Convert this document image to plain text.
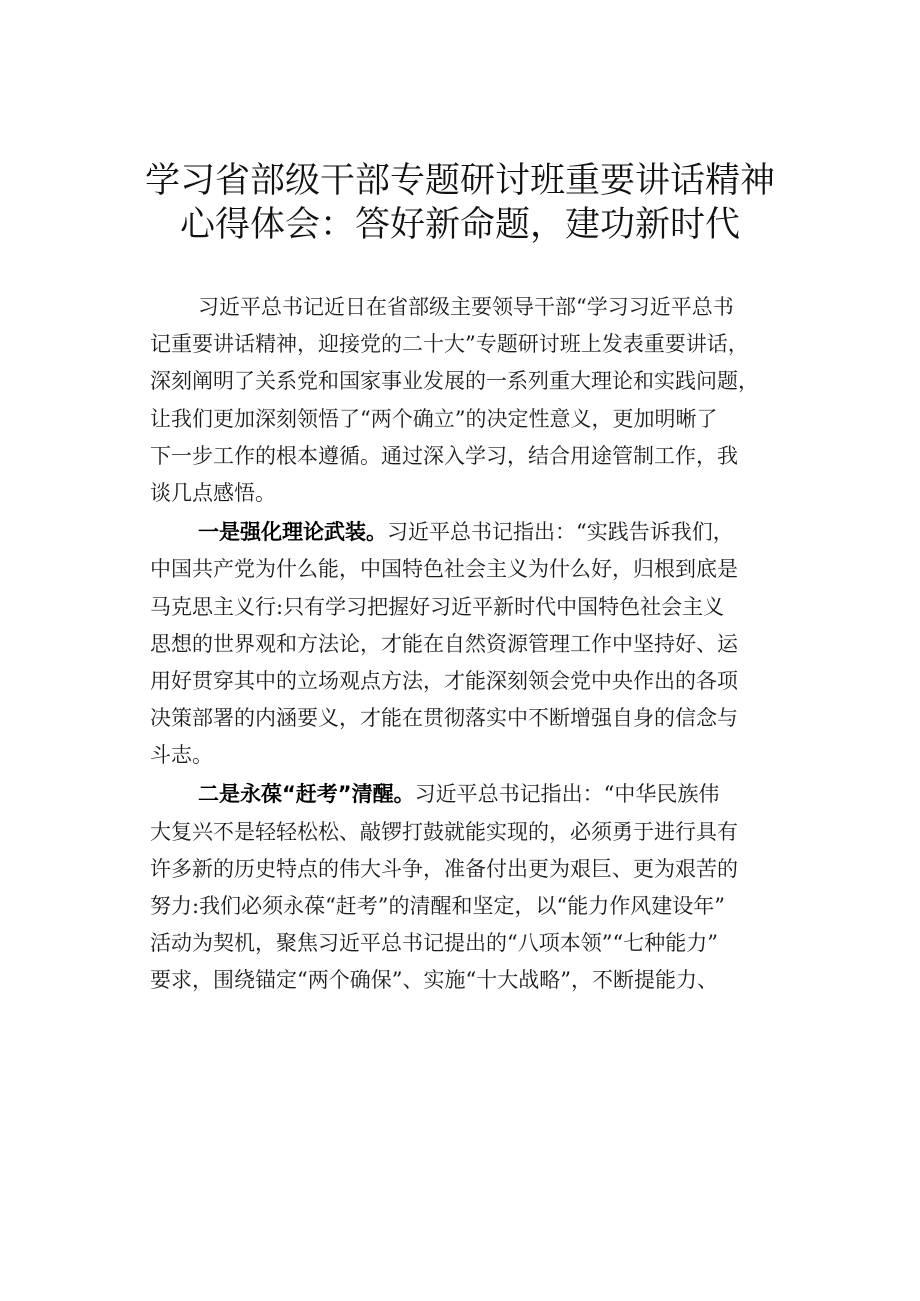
学习省部级干部专题研讨班重要讲话精神
心得体会：答好新命题，建功新时代
习近平总书记近日在省部级主要领导干部“学习习近平总书
记重要讲话精神，迎接党的二十大”专题研讨班上发表重要讲话，
深刻阐明了关系党和国家事业发展的一系列重大理论和实践问题，
让我们更加深刻领悟了“两个确立”的决定性意义，更加明晰了
下一步工作的根本遵循。通过深入学习，结合用途管制工作，我
谈几点感悟。
一是强化理论武装。习近平总书记指出：“实践告诉我们，
中国共产党为什么能，中国特色社会主义为什么好，归根到底是
马克思主义行:只有学习把握好习近平新时代中国特色社会主义
思想的世界观和方法论，才能在自然资源管理工作中坚持好、运
用好贯穿其中的立场观点方法，才能深刻领会党中央作出的各项
决策部署的内涵要义，才能在贯彻落实中不断增强自身的信念与
斗志。
二是永葆“赶考”清醒。习近平总书记指出：“中华民族伟
大复兴不是轻轻松松、敲锣打鼓就能实现的，必须勇于进行具有
许多新的历史特点的伟大斗争，准备付出更为艰巨、更为艰苦的
努力:我们必须永葆“赶考”的清醒和坚定，以“能力作风建设年”
活动为契机，聚焦习近平总书记提出的“八项本领”“七种能力”
要求，围绕锚定“两个确保”、实施“十大战略”，不断提能力、
